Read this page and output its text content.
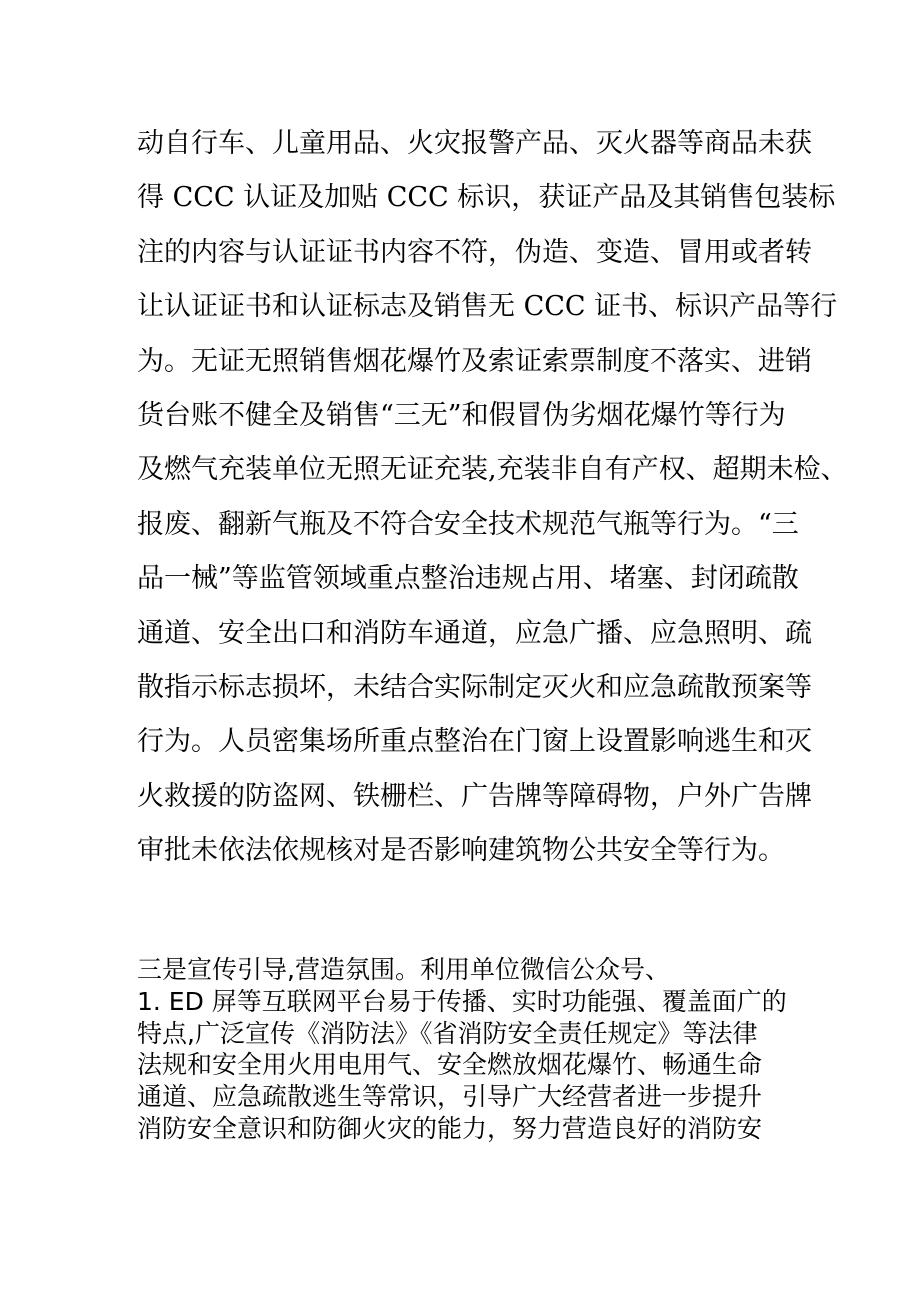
动自行车、儿童用品、火灾报警产品、灭火器等商品未获
得 CCC 认证及加贴 CCC 标识，获证产品及其销售包装标
注的内容与认证证书内容不符，伪造、变造、冒用或者转
让认证证书和认证标志及销售无 CCC 证书、标识产品等行
为。无证无照销售烟花爆竹及索证索票制度不落实、进销
货台账不健全及销售“三无”和假冒伪劣烟花爆竹等行为
及燃气充装单位无照无证充装,充装非自有产权、超期未检、
报废、翻新气瓶及不符合安全技术规范气瓶等行为。“三
品一械”等监管领域重点整治违规占用、堵塞、封闭疏散
通道、安全出口和消防车通道，应急广播、应急照明、疏
散指示标志损坏，未结合实际制定灭火和应急疏散预案等
行为。人员密集场所重点整治在门窗上设置影响逃生和灭
火救援的防盗网、铁栅栏、广告牌等障碍物，户外广告牌
审批未依法依规核对是否影响建筑物公共安全等行为。
三是宣传引导,营造氛围。利用单位微信公众号、
1. ED 屏等互联网平台易于传播、实时功能强、覆盖面广的
特点,广泛宣传《消防法》《省消防安全责任规定》等法律
法规和安全用火用电用气、安全燃放烟花爆竹、畅通生命
通道、应急疏散逃生等常识，引导广大经营者进一步提升
消防安全意识和防御火灾的能力，努力营造良好的消防安
